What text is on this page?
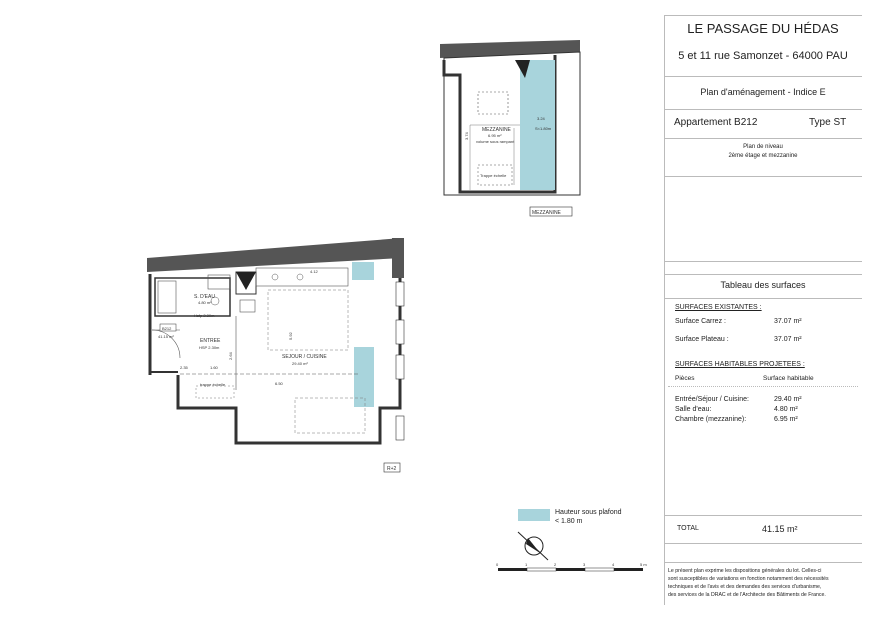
MEZZANINE
6.95 m²
volume sous rampant
Trappe échelle
3.24
S<1.80m
3.74
MEZZANINE
S. D'EAU
4.80 m²
Hsfp 2.30m
ENTREE
HSP 2.30m
B212
41.15 m²
SEJOUR / CUISINE
29.40 m²
4.12
5.92
1.60
6.50
2.35
2.64
trappe échelle
R+2
0	1	2	3	4	5 m
Hauteur sous plafond
< 1.80 m
LE PASSAGE DU HÉDAS
5 et 11 rue Samonzet - 64000 PAU
Plan d'aménagement - Indice E
Appartement B212	Type ST
Plan de niveau
2ème étage et mezzanine
Tableau des surfaces
SURFACES EXISTANTES :
Surface Carrez :	37.07 m²
Surface Plateau :	37.07 m²
SURFACES HABITABLES PROJETEES :
Pièces	Surface habitable
Entrée/Séjour / Cuisine:	29.40 m²
Salle d'eau:	4.80 m²
Chambre (mezzanine):	6.95 m²
TOTAL	41.15 m²
Le présent plan exprime les dispositions générales du lot. Celles-ci
sont susceptibles de variations en fonction notamment des nécessités
techniques et de l'avis et des demandes des services d'urbanisme,
des services de la DRAC et de l'Architecte des Bâtiments de France.
